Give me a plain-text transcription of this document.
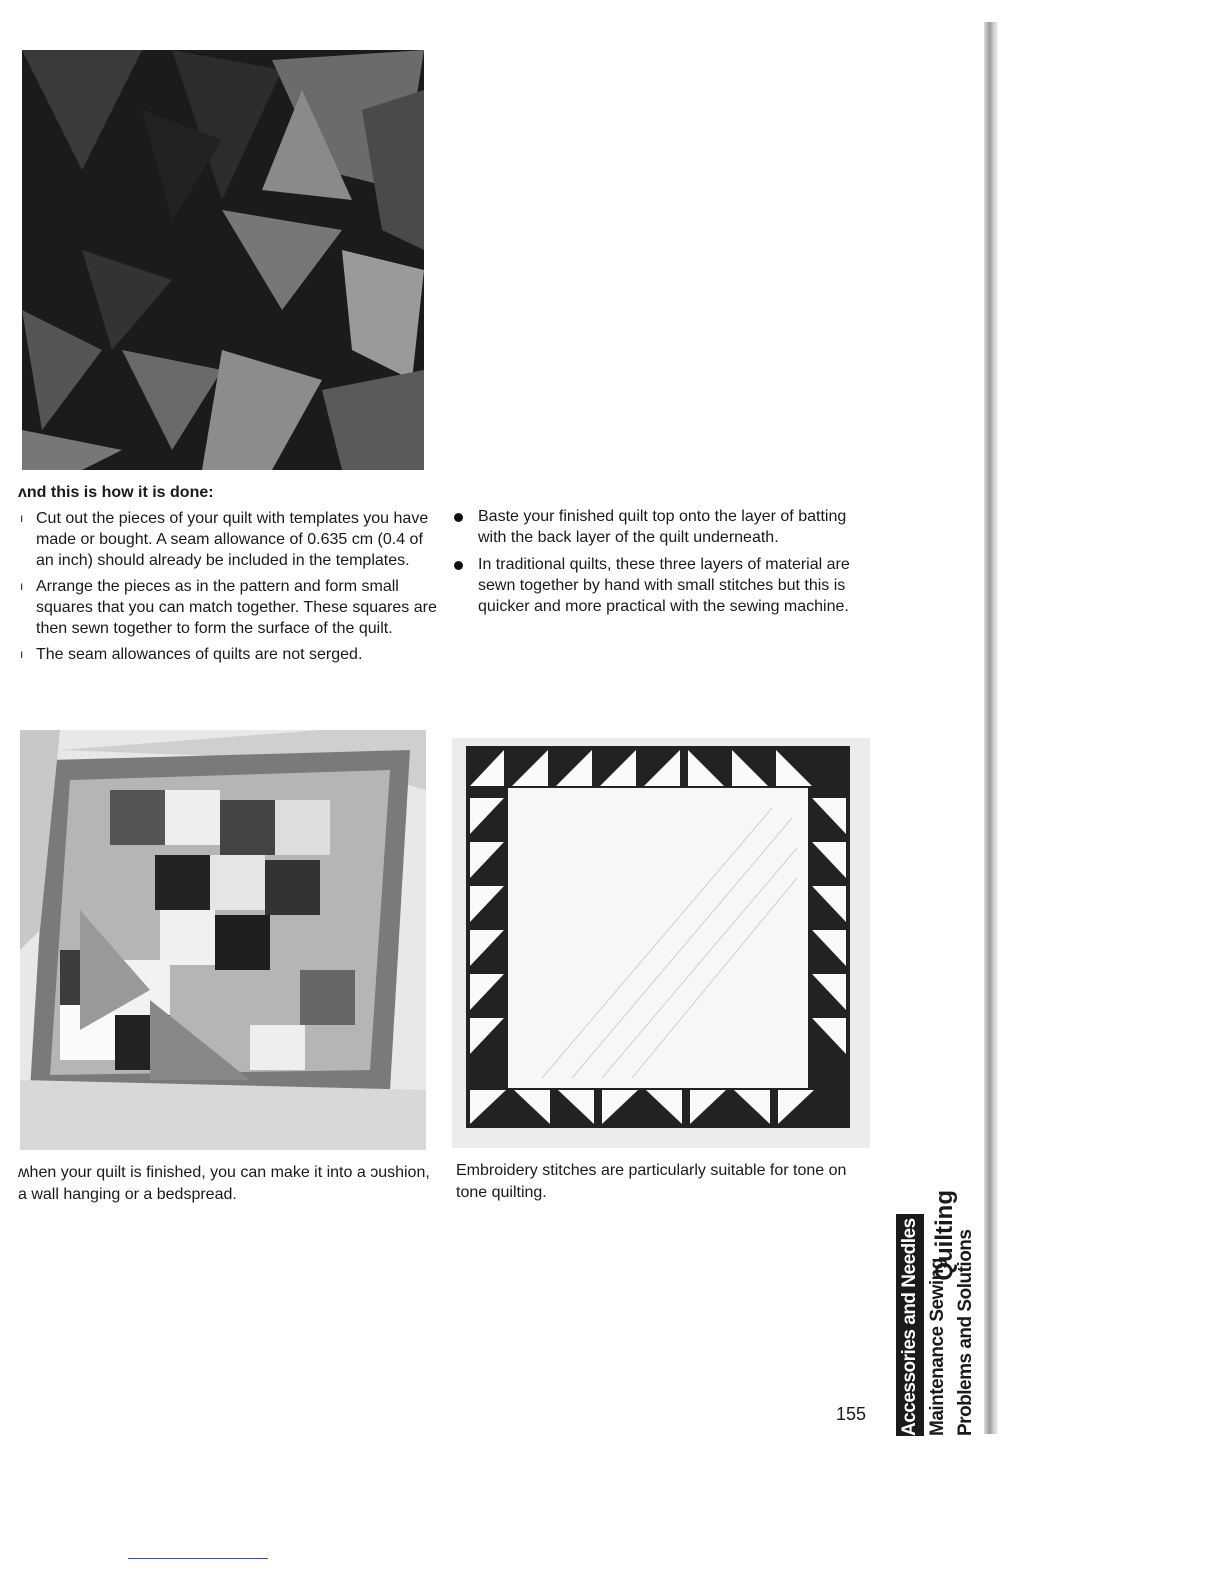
ʌnd this is how it is done:
ı Cut out the pieces of your quilt with templates you have made or bought. A seam allowance of 0.635 cm (0.4 of an inch) should already be included in the templates.
ı Arrange the pieces as in the pattern and form small squares that you can match together. These squares are then sewn together to form the surface of the quilt.
ı The seam allowances of quilts are not serged.
Baste your finished quilt top onto the layer of batting with the back layer of the quilt underneath.
In traditional quilts, these three layers of material are sewn together by hand with small stitches but this is quicker and more practical with the sewing machine.
ʍhen your quilt is finished, you can make it into a ɔushion, a wall hanging or a bedspread.
Embroidery stitches are particularly suitable for tone on tone quilting.
155
Quilting
Accessories and Needles Maintenance Sewing Problems and Solutions
